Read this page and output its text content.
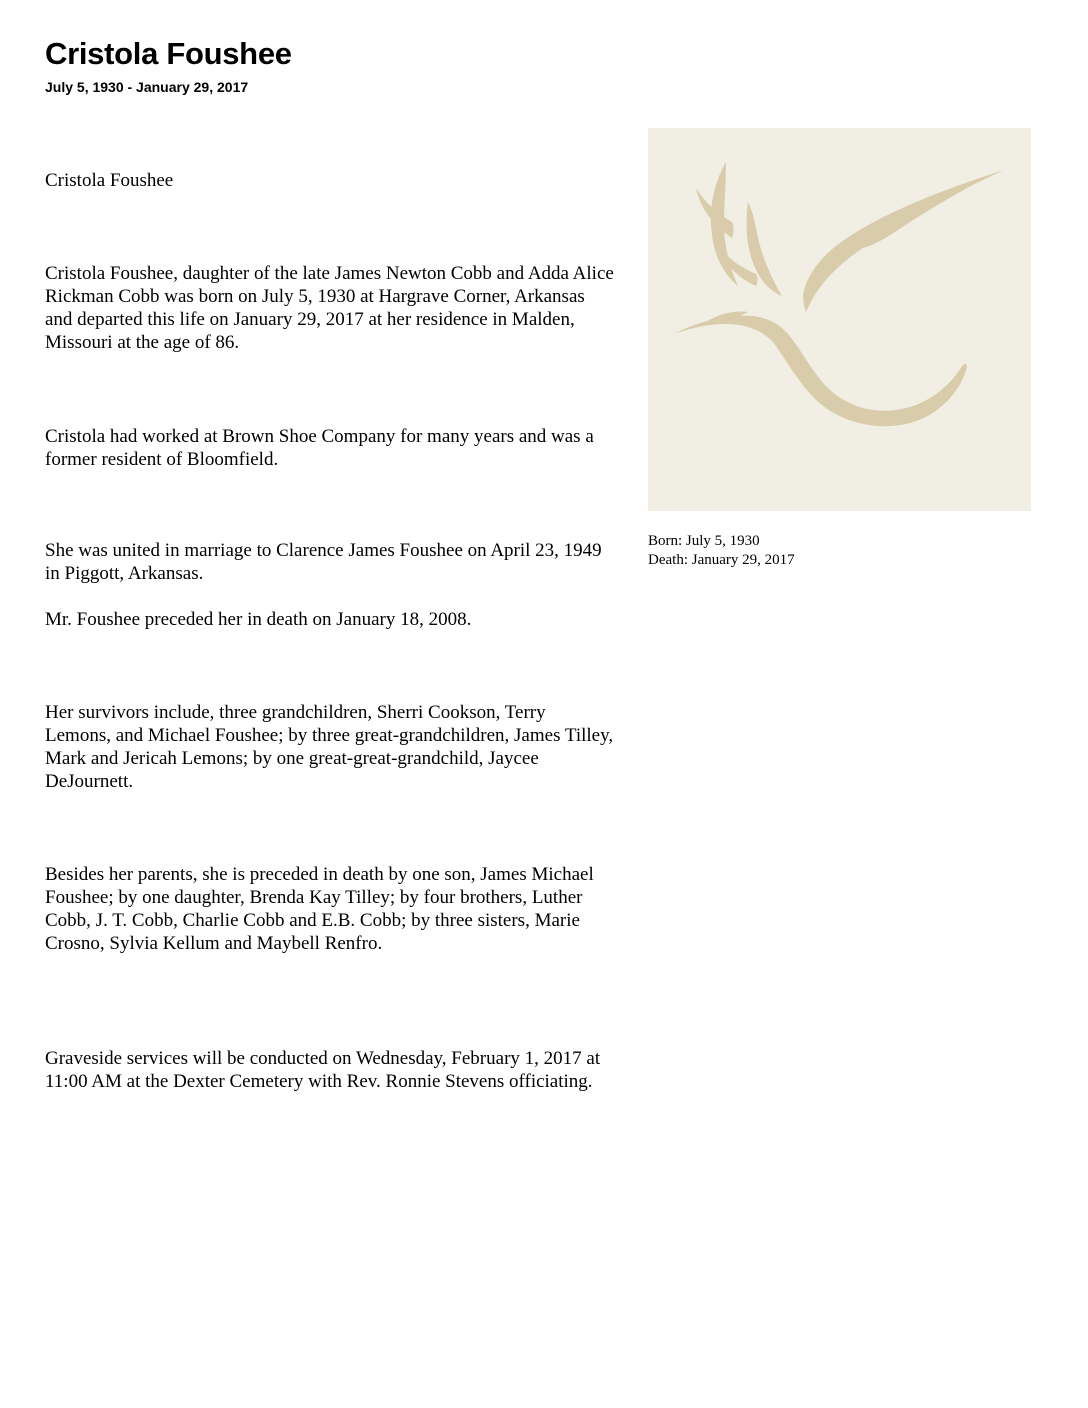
Cristola Foushee
July 5, 1930 - January 29, 2017

Cristola Foushee

Cristola Foushee, daughter of the late James Newton Cobb and Adda Alice Rickman Cobb was born on July 5, 1930 at Hargrave Corner, Arkansas and departed this life on January 29, 2017 at her residence in Malden, Missouri at the age of 86.

Cristola had worked at Brown Shoe Company for many years and was a former resident of Bloomfield.

She was united in marriage to Clarence James Foushee on April 23, 1949 in Piggott, Arkansas.

Mr. Foushee preceded her in death on January 18, 2008.

Her survivors include, three grandchildren, Sherri Cookson, Terry Lemons, and Michael Foushee; by three great-grandchildren, James Tilley, Mark and Jericah Lemons; by one great-great-grandchild, Jaycee DeJournett.

Besides her parents, she is preceded in death by one son, James Michael Foushee; by one daughter, Brenda Kay Tilley; by four brothers, Luther Cobb, J. T. Cobb, Charlie Cobb and E.B. Cobb; by three sisters, Marie Crosno, Sylvia Kellum and Maybell Renfro.

Graveside services will be conducted on Wednesday, February 1, 2017 at 11:00 AM at the Dexter Cemetery with Rev. Ronnie Stevens officiating.

Born: July 5, 1930
Death: January 29, 2017
